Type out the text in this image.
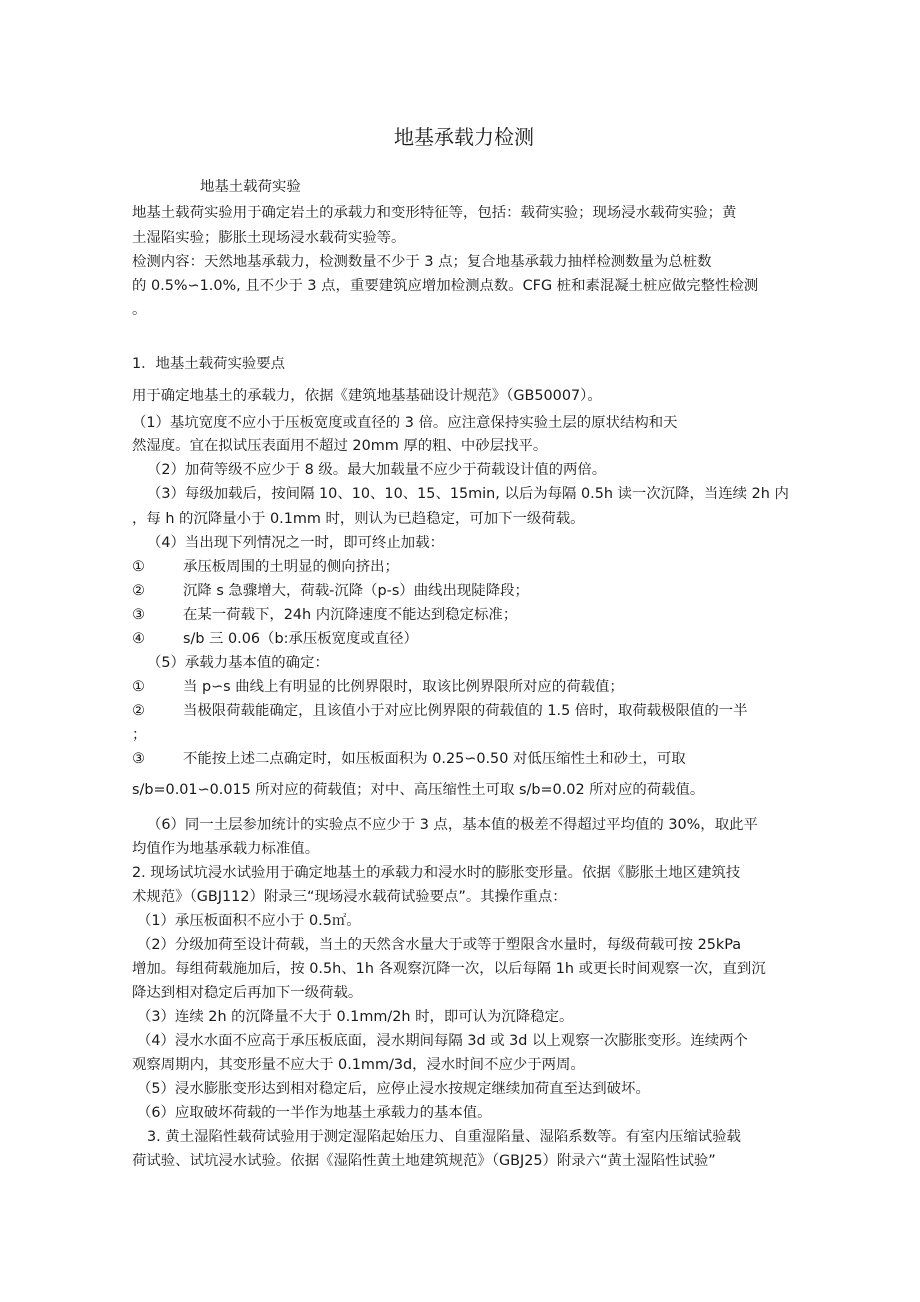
地基承载力检测
地基土载荷实验
地基土载荷实验用于确定岩土的承载力和变形特征等，包括：载荷实验；现场浸水载荷实验；黄
土湿陷实验；膨胀土现场浸水载荷实验等。
检测内容：天然地基承载力，检测数量不少于 3 点；复合地基承载力抽样检测数量为总桩数
的 0.5%∽1.0%, 且不少于 3 点，重要建筑应增加检测点数。CFG 桩和素混凝土桩应做完整性检测
。
1．地基土载荷实验要点
用于确定地基土的承载力，依据《建筑地基基础设计规范》（GB50007）。
（1）基坑宽度不应小于压板宽度或直径的 3 倍。应注意保持实验土层的原状结构和天
然湿度。宜在拟试压表面用不超过 20mm 厚的粗、中砂层找平。
（2）加荷等级不应少于 8 级。最大加载量不应少于荷载设计值的两倍。
（3）每级加载后，按间隔 10、10、10、15、15min, 以后为每隔 0.5h 读一次沉降，当连续 2h 内
，每 h 的沉降量小于 0.1mm 时，则认为已趋稳定，可加下一级荷载。
（4）当出现下列情况之一时，即可终止加载：
①	承压板周围的土明显的侧向挤出；
②	沉降 s 急骤增大，荷载-沉降（p-s）曲线出现陡降段；
③	在某一荷载下，24h 内沉降速度不能达到稳定标准；
④	s/b 三 0.06（b:承压板宽度或直径）
（5）承载力基本值的确定：
①	当 p∽s 曲线上有明显的比例界限时，取该比例界限所对应的荷载值；
②	当极限荷载能确定，且该值小于对应比例界限的荷载值的 1.5 倍时，取荷载极限值的一半
；
③	不能按上述二点确定时，如压板面积为 0.25∽0.50 对低压缩性土和砂土，可取
s/b=0.01∽0.015 所对应的荷载值；对中、高压缩性土可取 s/b=0.02 所对应的荷载值。
（6）同一土层参加统计的实验点不应少于 3 点，基本值的极差不得超过平均值的 30%，取此平
均值作为地基承载力标准值。
2. 现场试坑浸水试验用于确定地基土的承载力和浸水时的膨胀变形量。依据《膨胀土地区建筑技
术规范》（GBJ112）附录三“现场浸水载荷试验要点”。其操作重点：
（1）承压板面积不应小于 0.5㎡。
（2）分级加荷至设计荷载，当土的天然含水量大于或等于塑限含水量时，每级荷载可按 25kPa
增加。每组荷载施加后，按 0.5h、1h 各观察沉降一次，以后每隔 1h 或更长时间观察一次，直到沉
降达到相对稳定后再加下一级荷载。
（3）连续 2h 的沉降量不大于 0.1mm/2h 时，即可认为沉降稳定。
（4）浸水水面不应高于承压板底面，浸水期间每隔 3d 或 3d 以上观察一次膨胀变形。连续两个
观察周期内，其变形量不应大于 0.1mm/3d，浸水时间不应少于两周。
（5）浸水膨胀变形达到相对稳定后，应停止浸水按规定继续加荷直至达到破坏。
（6）应取破坏荷载的一半作为地基土承载力的基本值。
3. 黄土湿陷性载荷试验用于测定湿陷起始压力、自重湿陷量、湿陷系数等。有室内压缩试验载
荷试验、试坑浸水试验。依据《湿陷性黄土地建筑规范》（GBJ25）附录六“黄土湿陷性试验”
